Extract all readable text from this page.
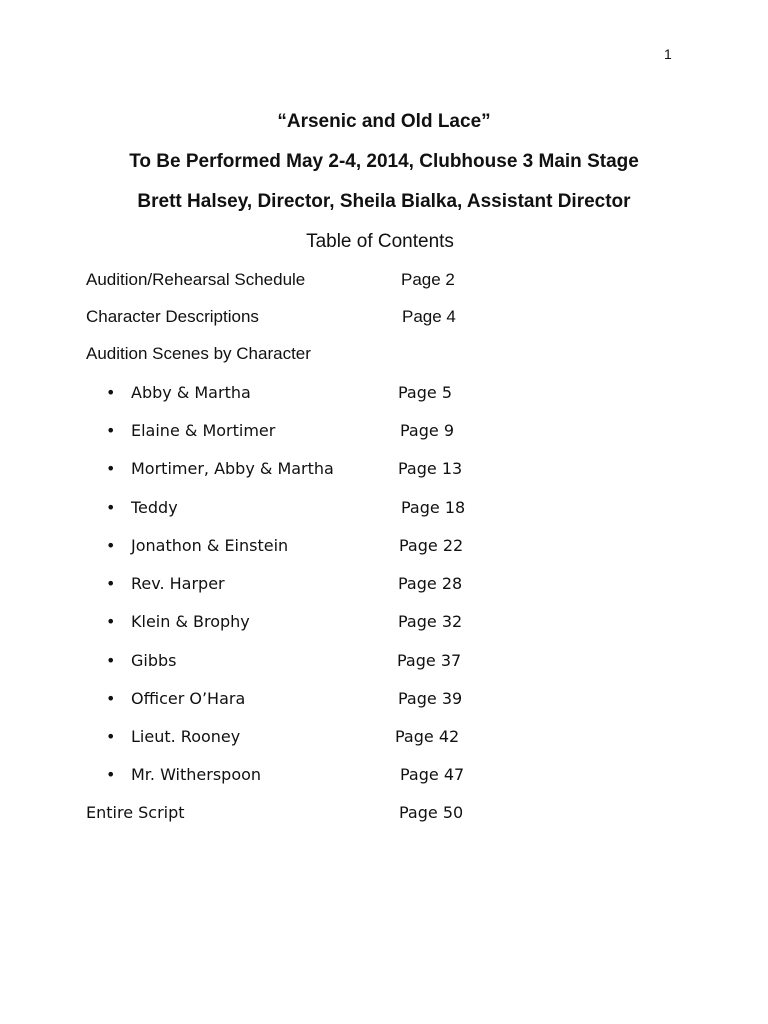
1
“Arsenic and Old Lace”
To Be Performed May 2-4, 2014, Clubhouse 3 Main Stage
Brett Halsey, Director, Sheila Bialka, Assistant Director
Table of Contents
Audition/Rehearsal Schedule	Page 2
Character Descriptions	Page 4
Audition Scenes by Character
• Abby & Martha	Page 5
• Elaine & Mortimer	Page 9
• Mortimer, Abby & Martha	Page 13
• Teddy	Page 18
• Jonathon & Einstein	Page 22
• Rev. Harper	Page 28
• Klein & Brophy	Page 32
• Gibbs	Page 37
• Officer O’Hara	Page 39
• Lieut. Rooney	Page 42
• Mr. Witherspoon	Page 47
Entire Script	Page 50
